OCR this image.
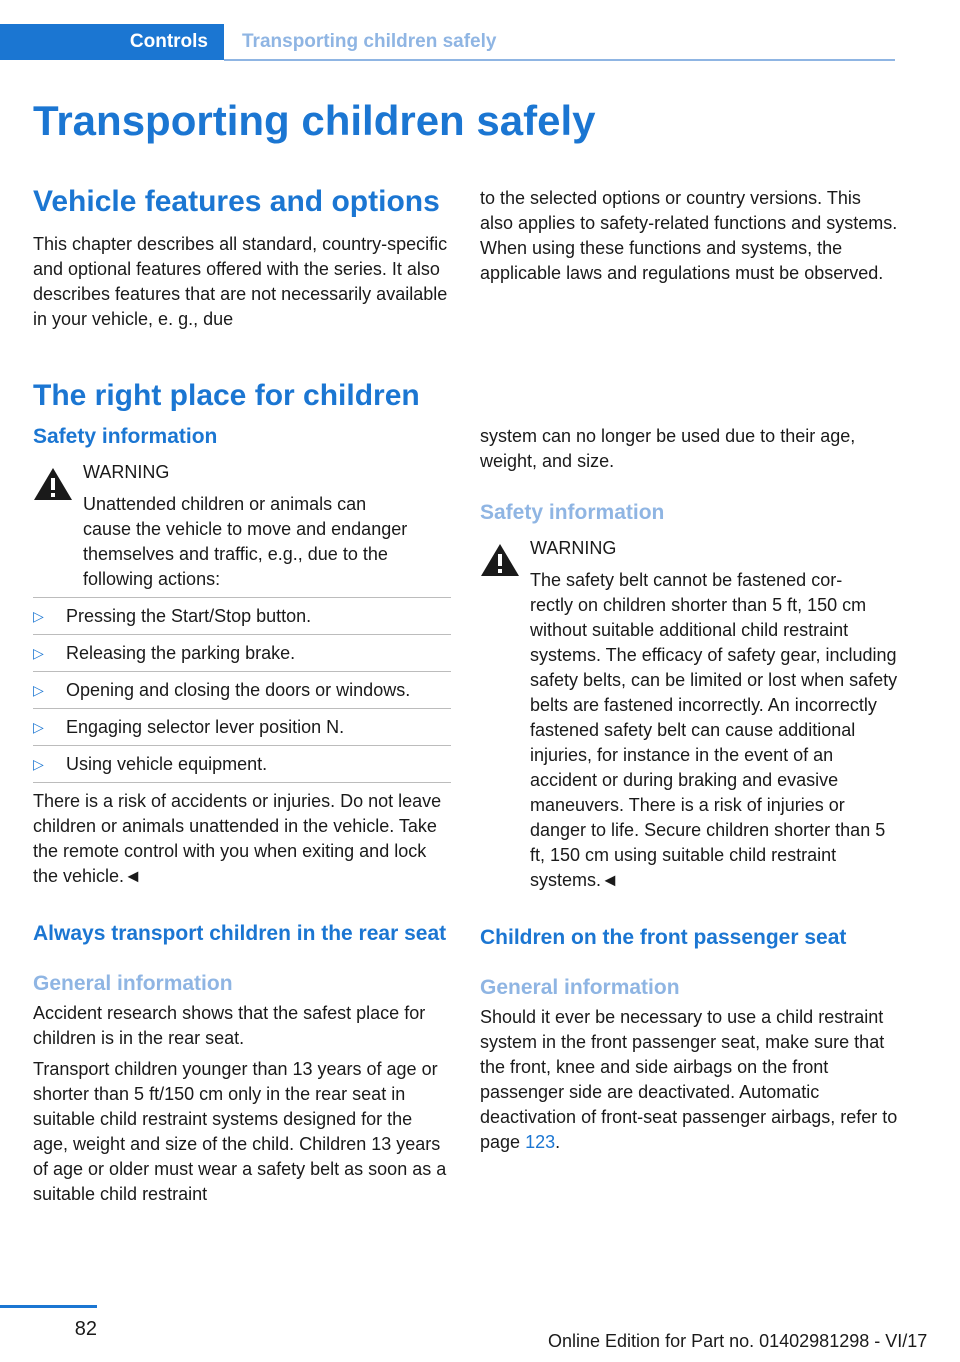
Controls	Transporting children safely
Transporting children safely
Vehicle features and options

This chapter describes all standard, country-specific and optional features offered with the series. It also describes features that are not necessarily available in your vehicle, e. g., due

to the selected options or country versions. This also applies to safety-related functions and systems. When using these functions and systems, the applicable laws and regulations must be observed.

The right place for children
Safety information
WARNING

Unattended children or animals can

cause the vehicle to move and endanger themselves and traffic, e.g., due to the following actions:

▷ Pressing the Start/Stop button.
▷ Releasing the parking brake.
▷ Opening and closing the doors or windows.
▷ Engaging selector lever position N.
▷ Using vehicle equipment.

There is a risk of accidents or injuries. Do not leave children or animals unattended in the vehicle. Take the remote control with you when exiting and lock the vehicle.◄

Always transport children in the rear seat
General information

Accident research shows that the safest place for children is in the rear seat.

Transport children younger than 13 years of age or shorter than 5 ft/150 cm only in the rear seat in suitable child restraint systems designed for the age, weight and size of the child. Children 13 years of age or older must wear a safety belt as soon as a suitable child restraint

system can no longer be used due to their age, weight, and size.

Safety information
WARNING

The safety belt cannot be fastened cor-

rectly on children shorter than 5 ft, 150 cm without suitable additional child restraint systems. The efficacy of safety gear, including safety belts, can be limited or lost when safety belts are fastened incorrectly. An incorrectly fastened safety belt can cause additional injuries, for instance in the event of an accident or during braking and evasive maneuvers. There is a risk of injuries or danger to life. Secure children shorter than 5 ft, 150 cm using suitable child restraint systems.◄

Children on the front passenger seat
General information

Should it ever be necessary to use a child restraint system in the front passenger seat, make sure that the front, knee and side airbags on the front passenger side are deactivated. Automatic deactivation of front-seat passenger airbags, refer to page 123.

82
Online Edition for Part no. 01402981298 - VI/17
